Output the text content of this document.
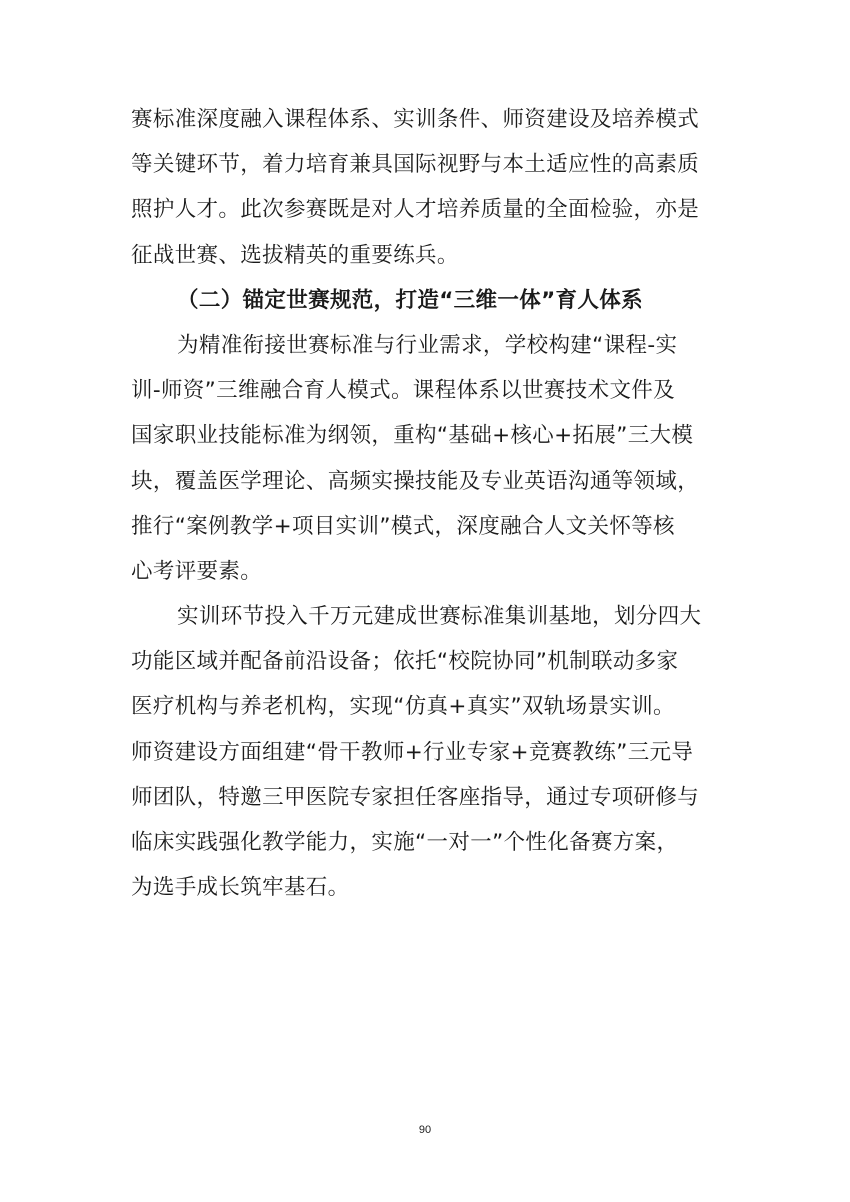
赛标准深度融入课程体系、实训条件、师资建设及培养模式
等关键环节，着力培育兼具国际视野与本土适应性的高素质
照护人才。此次参赛既是对人才培养质量的全面检验，亦是
征战世赛、选拔精英的重要练兵。
（二）锚定世赛规范，打造“三维一体”育人体系
为精准衔接世赛标准与行业需求，学校构建“课程-实
训-师资”三维融合育人模式。课程体系以世赛技术文件及
国家职业技能标准为纲领，重构“基础+核心+拓展”三大模
块，覆盖医学理论、高频实操技能及专业英语沟通等领域，
推行“案例教学+项目实训”模式，深度融合人文关怀等核
心考评要素。
实训环节投入千万元建成世赛标准集训基地，划分四大
功能区域并配备前沿设备；依托“校院协同”机制联动多家
医疗机构与养老机构，实现“仿真+真实”双轨场景实训。
师资建设方面组建“骨干教师+行业专家+竞赛教练”三元导
师团队，特邀三甲医院专家担任客座指导，通过专项研修与
临床实践强化教学能力，实施“一对一”个性化备赛方案，
为选手成长筑牢基石。
90
